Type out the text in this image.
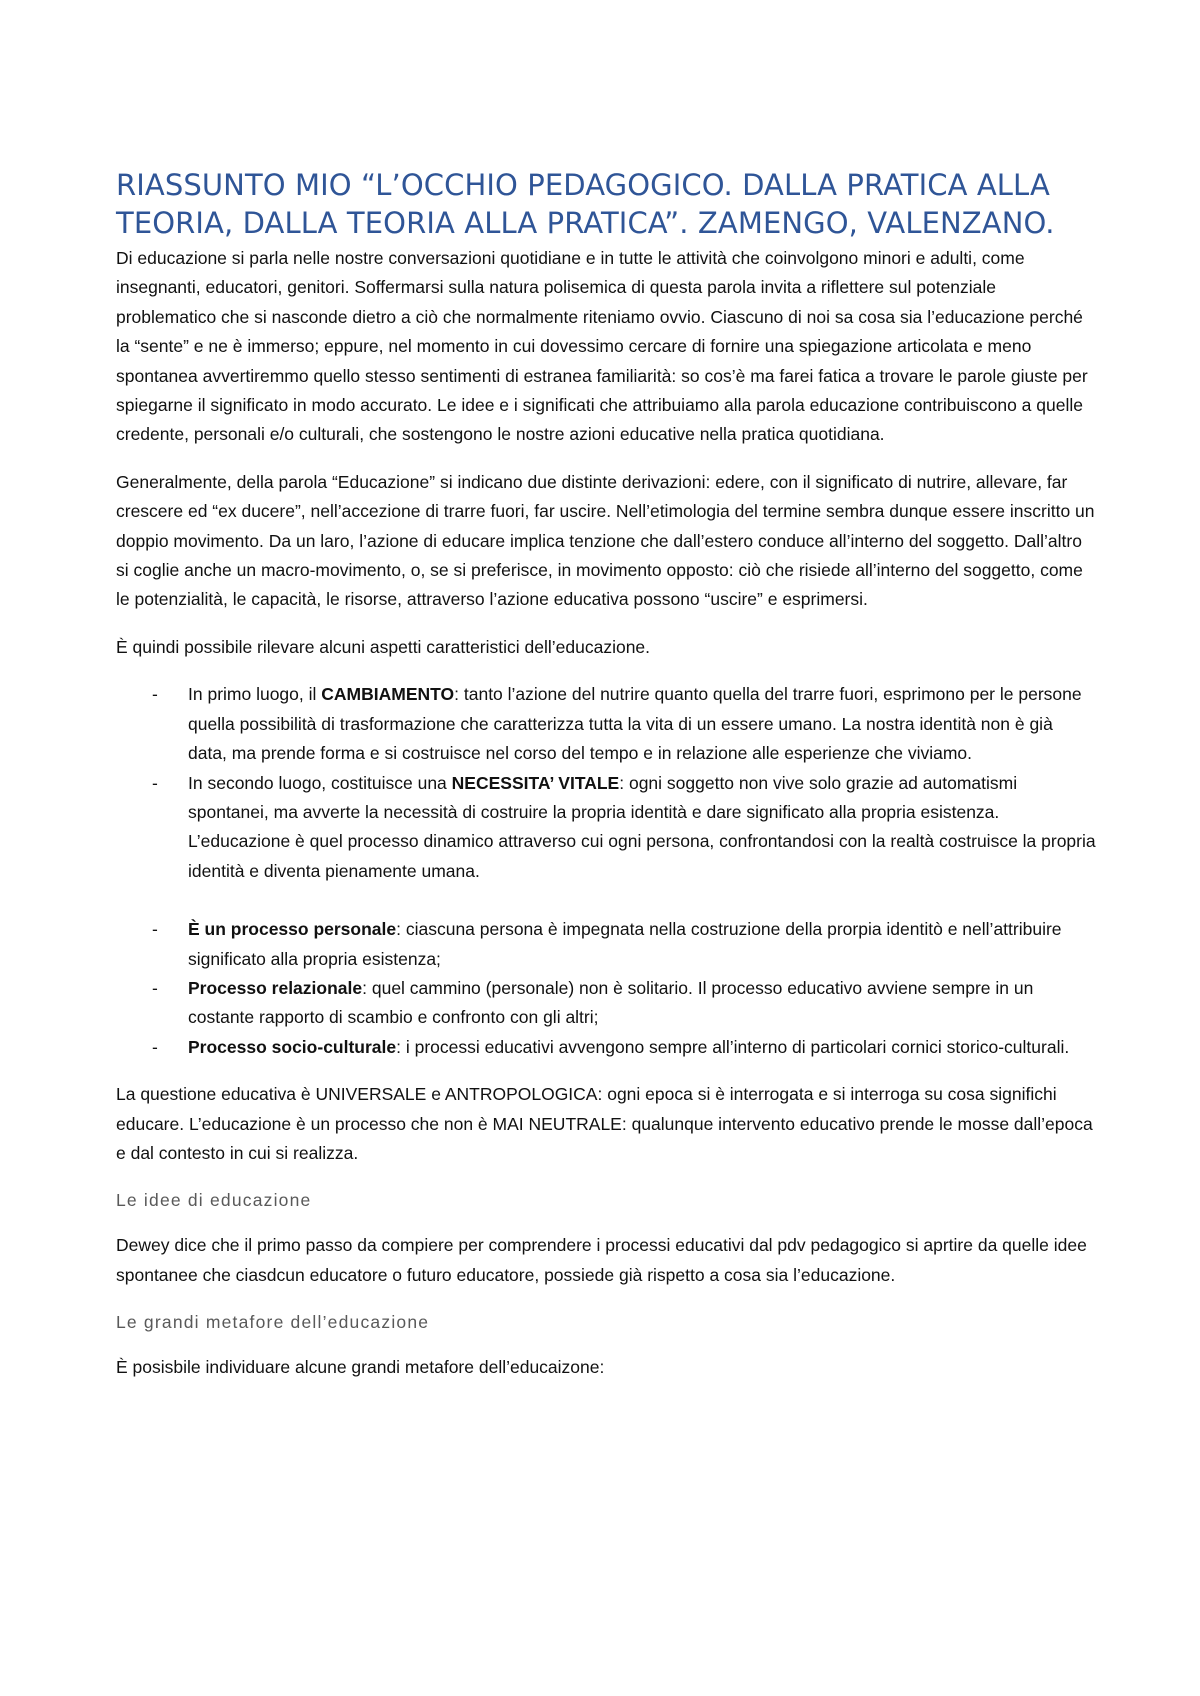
RIASSUNTO MIO “L’OCCHIO PEDAGOGICO. DALLA PRATICA ALLA TEORIA, DALLA TEORIA ALLA PRATICA”. ZAMENGO, VALENZANO.

Di educazione si parla nelle nostre conversazioni quotidiane e in tutte le attività che coinvolgono minori e adulti, come insegnanti, educatori, genitori. Soffermarsi sulla natura polisemica di questa parola invita a riflettere sul potenziale problematico che si nasconde dietro a ciò che normalmente riteniamo ovvio. Ciascuno di noi sa cosa sia l’educazione perché la “sente” e ne è immerso; eppure, nel momento in cui dovessimo cercare di fornire una spiegazione articolata e meno spontanea avvertiremmo quello stesso sentimenti di estranea familiarità: so cos’è ma farei fatica a trovare le parole giuste per spiegarne il significato in modo accurato. Le idee e i significati che attribuiamo alla parola educazione contribuiscono a quelle credente, personali e/o culturali, che sostengono le nostre azioni educative nella pratica quotidiana.

Generalmente, della parola “Educazione” si indicano due distinte derivazioni: edere, con il significato di nutrire, allevare, far crescere ed “ex ducere”, nell’accezione di trarre fuori, far uscire. Nell’etimologia del termine sembra dunque essere inscritto un doppio movimento. Da un laro, l’azione di educare implica tenzione che dall’estero conduce all’interno del soggetto. Dall’altro si coglie anche un macro-movimento, o, se si preferisce, in movimento opposto: ciò che risiede all’interno del soggetto, come le potenzialità, le capacità, le risorse, attraverso l’azione educativa possono “uscire” e esprimersi.

È quindi possibile rilevare alcuni aspetti caratteristici dell’educazione.

- In primo luogo, il CAMBIAMENTO: tanto l’azione del nutrire quanto quella del trarre fuori, esprimono per le persone quella possibilità di trasformazione che caratterizza tutta la vita di un essere umano. La nostra identità non è già data, ma prende forma e si costruisce nel corso del tempo e in relazione alle esperienze che viviamo.
- In secondo luogo, costituisce una NECESSITA’ VITALE: ogni soggetto non vive solo grazie ad automatismi spontanei, ma avverte la necessità di costruire la propria identità e dare significato alla propria esistenza. L’educazione è quel processo dinamico attraverso cui ogni persona, confrontandosi con la realtà costruisce la propria identità e diventa pienamente umana.
- È un processo personale: ciascuna persona è impegnata nella costruzione della prorpia identitò e nell’attribuire significato alla propria esistenza;
- Processo relazionale: quel cammino (personale) non è solitario. Il processo educativo avviene sempre in un costante rapporto di scambio e confronto con gli altri;
- Processo socio-culturale: i processi educativi avvengono sempre all’interno di particolari cornici storico-culturali.

La questione educativa è UNIVERSALE e ANTROPOLOGICA: ogni epoca si è interrogata e si interroga su cosa significhi educare. L’educazione è un processo che non è MAI NEUTRALE: qualunque intervento educativo prende le mosse dall’epoca e dal contesto in cui si realizza.

Le idee di educazione

Dewey dice che il primo passo da compiere per comprendere i processi educativi dal pdv pedagogico si aprtire da quelle idee spontanee che ciasdcun educatore o futuro educatore, possiede già rispetto a cosa sia l’educazione.

Le grandi metafore dell’educazione

È posisbile individuare alcune grandi metafore dell’educaizone:
